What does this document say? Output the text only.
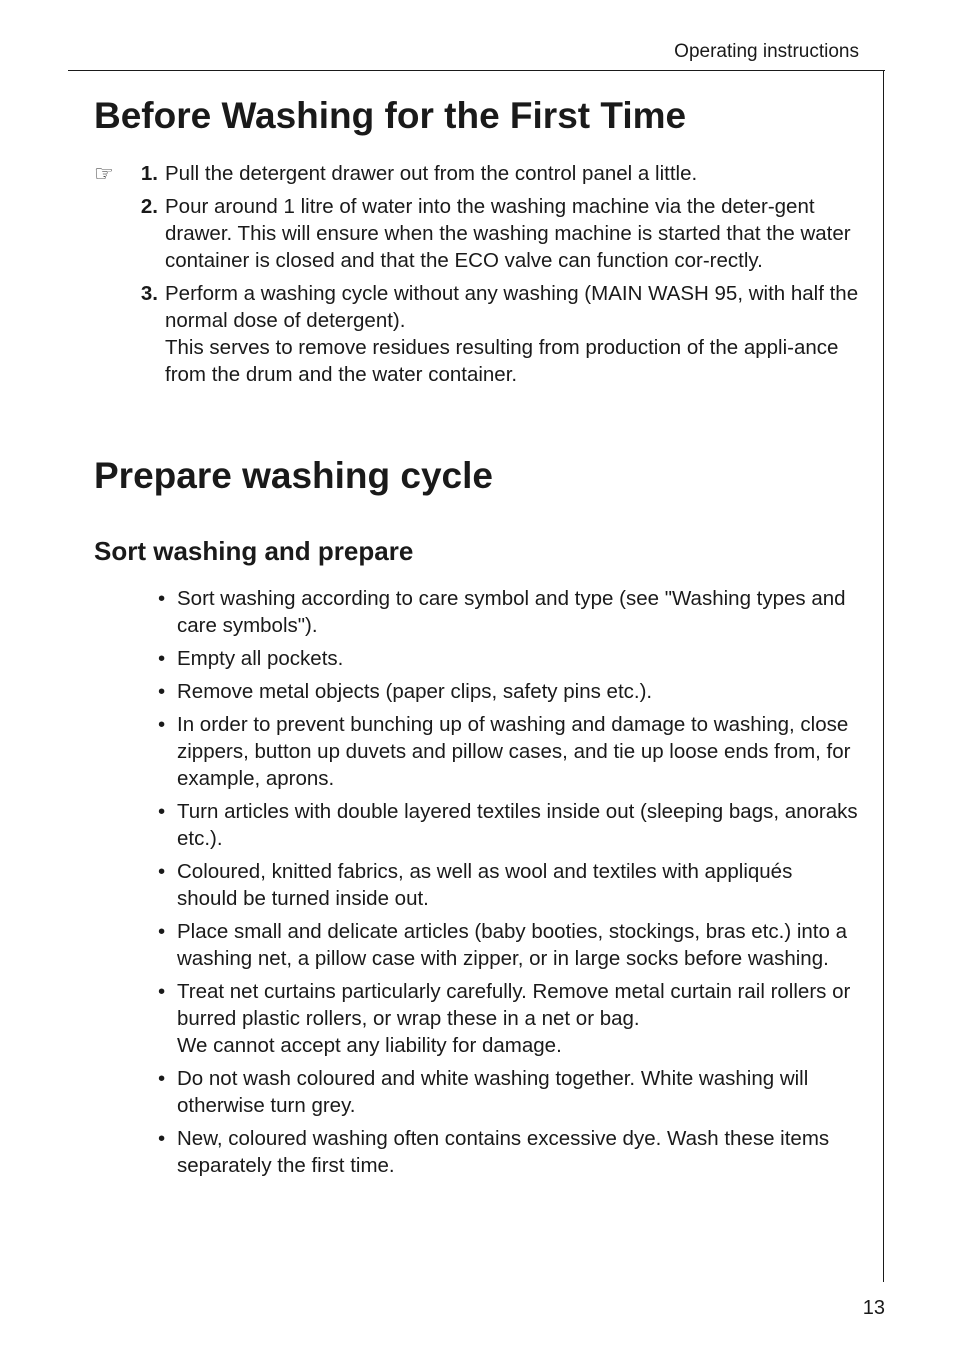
Operating instructions
Before Washing for the First Time
☞	1. Pull the detergent drawer out from the control panel a little.

2. Pour around 1 litre of water into the washing machine via the deter-gent drawer. This will ensure when the washing machine is started that the water container is closed and that the ECO valve can function cor-rectly.

3. Perform a washing cycle without any washing (MAIN WASH 95, with half the normal dose of detergent).

This serves to remove residues resulting from production of the appli-ance from the drum and the water container.

Prepare washing cycle
Sort washing and prepare
• Sort washing according to care symbol and type (see "Washing types and care symbols").

• Empty all pockets.

• Remove metal objects (paper clips, safety pins etc.).

• In order to prevent bunching up of washing and damage to washing, close zippers, button up duvets and pillow cases, and tie up loose ends from, for example, aprons.

• Turn articles with double layered textiles inside out (sleeping bags, anoraks etc.).

• Coloured, knitted fabrics, as well as wool and textiles with appliqués should be turned inside out.

• Place small and delicate articles (baby booties, stockings, bras etc.) into a washing net, a pillow case with zipper, or in large socks before washing.

• Treat net curtains particularly carefully. Remove metal curtain rail rollers or burred plastic rollers, or wrap these in a net or bag.

We cannot accept any liability for damage.

• Do not wash coloured and white washing together. White washing will otherwise turn grey.

• New, coloured washing often contains excessive dye. Wash these items separately the first time.

13
